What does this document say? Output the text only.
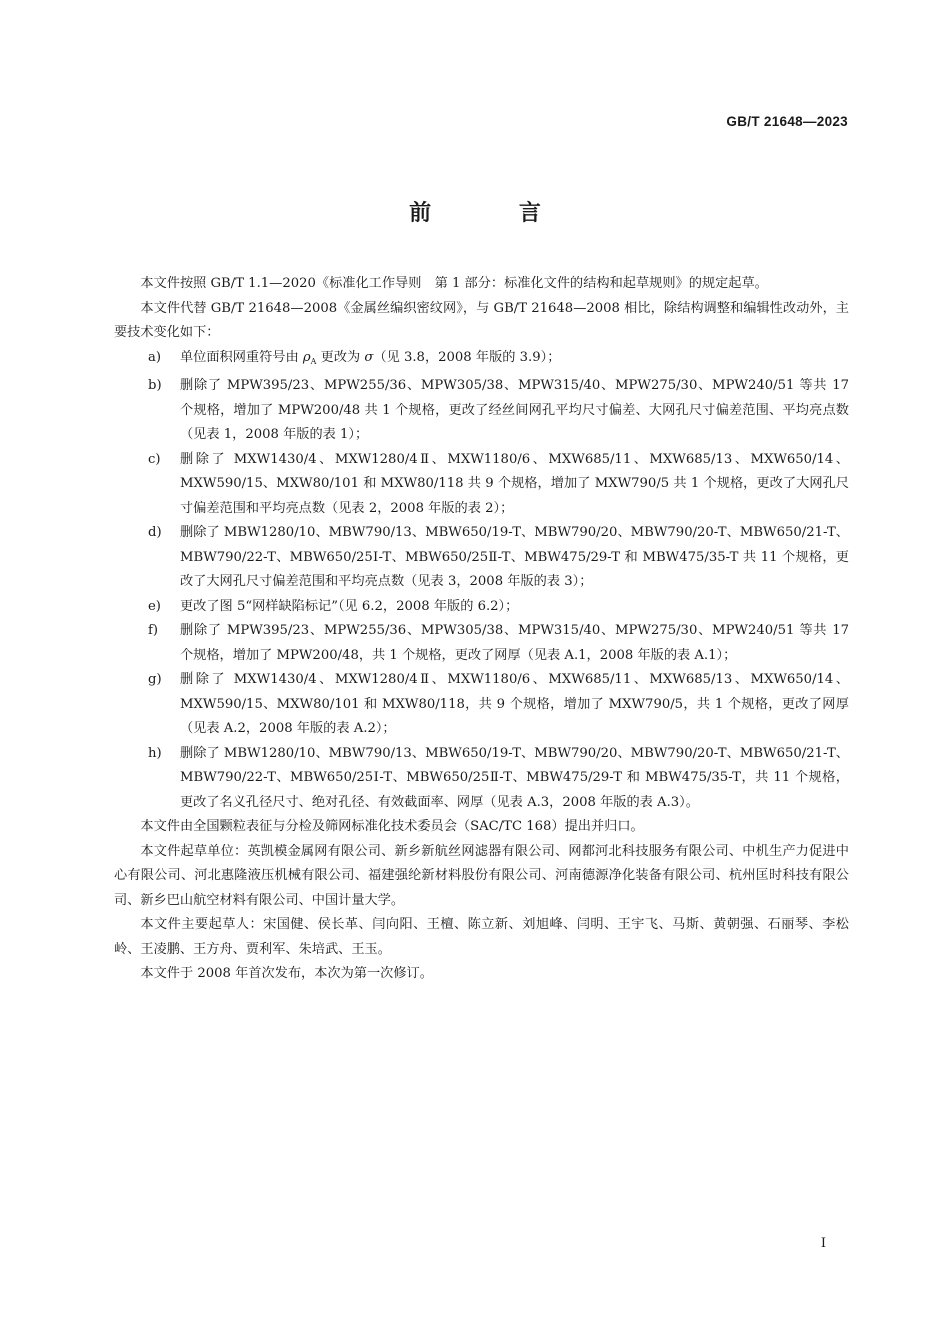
GB/T 21648—2023
前 言

本文件按照 GB/T 1.1—2020《标准化工作导则　第 1 部分：标准化文件的结构和起草规则》的规定起草。

本文件代替 GB/T 21648—2008《金属丝编织密纹网》，与 GB/T 21648—2008 相比，除结构调整和编辑性改动外，主要技术变化如下：

a) 单位面积网重符号由 $\rho_A$ 更改为 σ（见 3.8，2008 年版的 3.9）；

b) 删除了 MPW395/23、MPW255/36、MPW305/38、MPW315/40、MPW275/30、MPW240/51 等共 17 个规格，增加了 MPW200/48 共 1 个规格，更改了经丝间网孔平均尺寸偏差、大网孔尺寸偏差范围、平均亮点数（见表 1，2008 年版的表 1）；

c) 删除了 MXW1430/4、MXW1280/4Ⅱ、MXW1180/6、MXW685/11、MXW685/13、MXW650/14、MXW590/15、MXW80/101 和 MXW80/118 共 9 个规格，增加了 MXW790/5 共 1 个规格，更改了大网孔尺寸偏差范围和平均亮点数（见表 2，2008 年版的表 2）；

d) 删除了 MBW1280/10、MBW790/13、MBW650/19-T、MBW790/20、MBW790/20-T、MBW650/21-T、MBW790/22-T、MBW650/25Ⅰ-T、MBW650/25Ⅱ-T、MBW475/29-T 和 MBW475/35-T 共 11 个规格，更改了大网孔尺寸偏差范围和平均亮点数（见表 3，2008 年版的表 3）；

e) 更改了图 5“网样缺陷标记”（见 6.2，2008 年版的 6.2）；

f) 删除了 MPW395/23、MPW255/36、MPW305/38、MPW315/40、MPW275/30、MPW240/51 等共 17 个规格，增加了 MPW200/48，共 1 个规格，更改了网厚（见表 A.1，2008 年版的表 A.1）；

g) 删除了 MXW1430/4、MXW1280/4Ⅱ、MXW1180/6、MXW685/11、MXW685/13、MXW650/14、MXW590/15、MXW80/101 和 MXW80/118，共 9 个规格，增加了 MXW790/5，共 1 个规格，更改了网厚（见表 A.2，2008 年版的表 A.2）；

h) 删除了 MBW1280/10、MBW790/13、MBW650/19-T、MBW790/20、MBW790/20-T、MBW650/21-T、MBW790/22-T、MBW650/25Ⅰ-T、MBW650/25Ⅱ-T、MBW475/29-T 和 MBW475/35-T，共 11 个规格，更改了名义孔径尺寸、绝对孔径、有效截面率、网厚（见表 A.3，2008 年版的表 A.3）。

本文件由全国颗粒表征与分检及筛网标准化技术委员会（SAC/TC 168）提出并归口。

本文件起草单位：英凯模金属网有限公司、新乡新航丝网滤器有限公司、网都河北科技服务有限公司、中机生产力促进中心有限公司、河北惠隆液压机械有限公司、福建强纶新材料股份有限公司、河南德源净化装备有限公司、杭州匡时科技有限公司、新乡巴山航空材料有限公司、中国计量大学。

本文件主要起草人：宋国健、侯长革、闫向阳、王檀、陈立新、刘旭峰、闫明、王宇飞、马斯、黄朝强、石丽琴、李松岭、王凌鹏、王方舟、贾利军、朱培武、王玉。

本文件于 2008 年首次发布，本次为第一次修订。

I
